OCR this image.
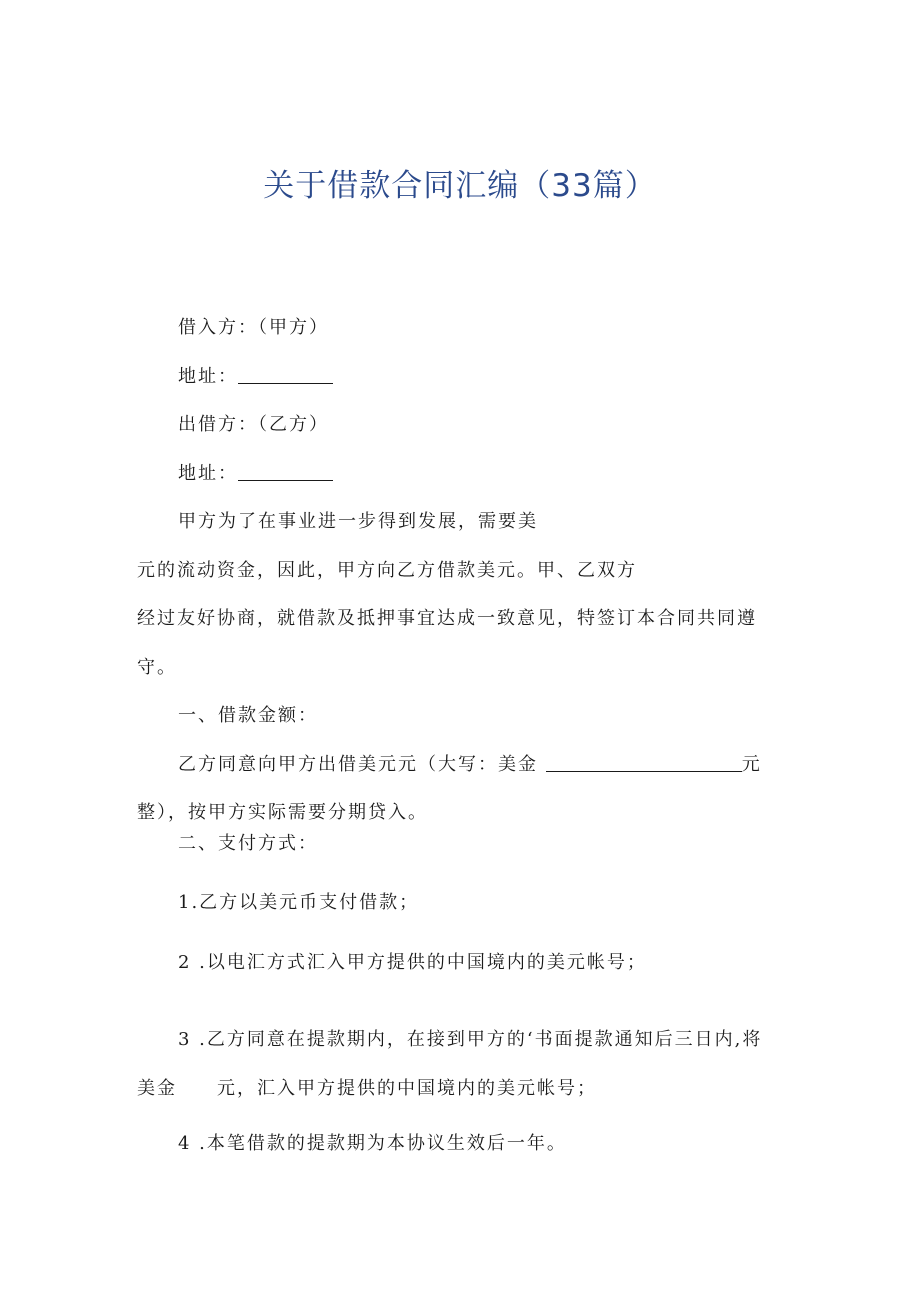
关于借款合同汇编（33篇）
借入方：（甲方）
地址：
出借方：（乙方）
地址：
甲方为了在事业进一步得到发展，需要美
元的流动资金，因此，甲方向乙方借款美元。甲、乙双方
经过友好协商，就借款及抵押事宜达成一致意见，特签订本合同共同遵
守。
一、借款金额：
乙方同意向甲方出借美元元（大写：美金	元
整），按甲方实际需要分期贷入。
二、支付方式：
1.乙方以美元币支付借款；
2 .以电汇方式汇入甲方提供的中国境内的美元帐号；
3 .乙方同意在提款期内，在接到甲方的‘书面提款通知后三日内,将
美金 元，汇入甲方提供的中国境内的美元帐号；
4 .本笔借款的提款期为本协议生效后一年。
